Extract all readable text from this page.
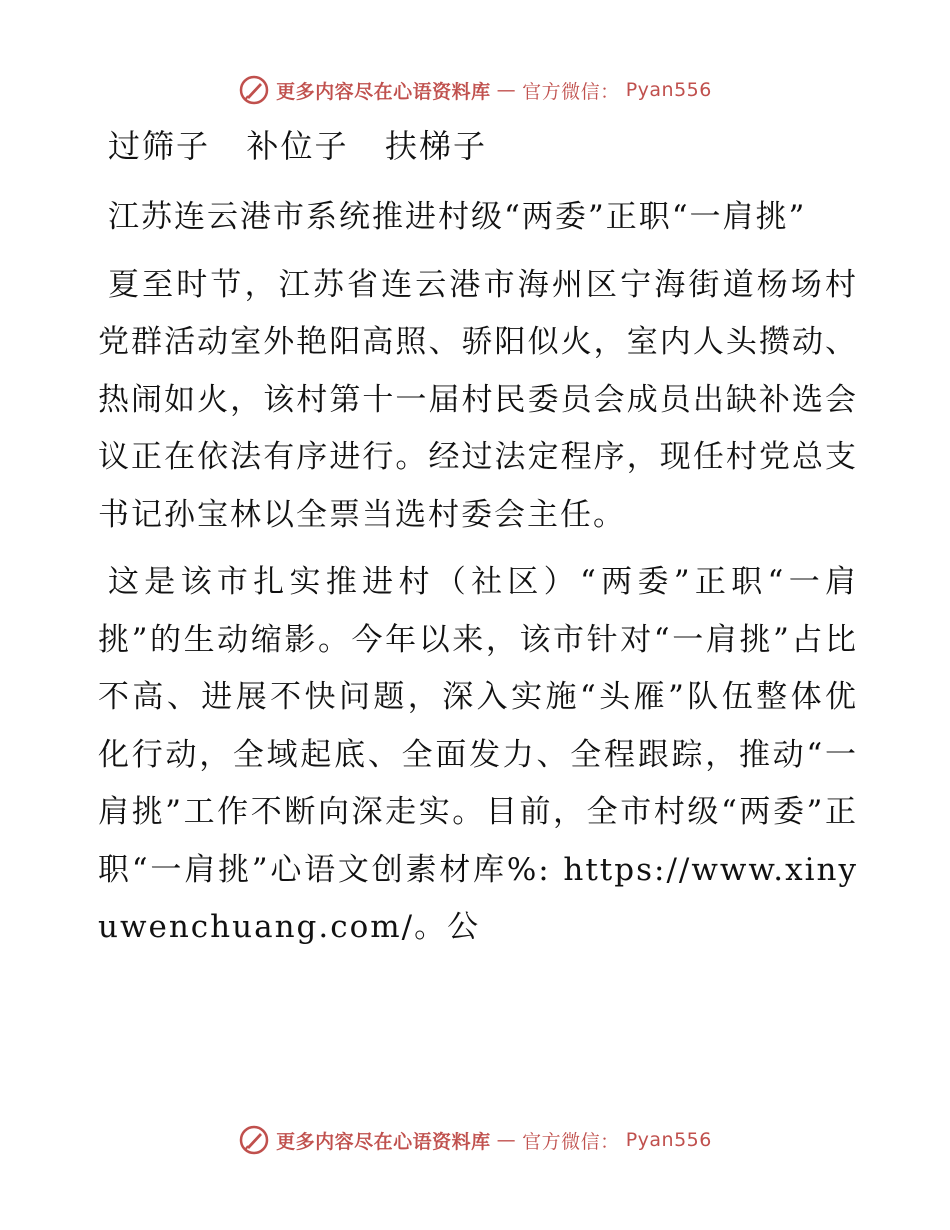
更多内容尽在心语资料库 — 官方微信： Pyan556
过筛子   补位子   扶梯子

江苏连云港市系统推进村级“两委”正职“一肩挑”

夏至时节，江苏省连云港市海州区宁海街道杨场村党群活动室外艳阳高照、骄阳似火，室内人头攒动、热闹如火，该村第十一届村民委员会成员出缺补选会议正在依法有序进行。经过法定程序，现任村党总支书记孙宝林以全票当选村委会主任。

这是该市扎实推进村（社区）“两委”正职“一肩挑”的生动缩影。今年以来，该市针对“一肩挑”占比不高、进展不快问题，深入实施“头雁”队伍整体优化行动，全域起底、全面发力、全程跟踪，推动“一肩挑”工作不断向深走实。目前，全市村级“两委”正职“一肩挑”心语文创素材库%: https://www.xinyuwenchuang.com/。公

更多内容尽在心语资料库 — 官方微信： Pyan556
